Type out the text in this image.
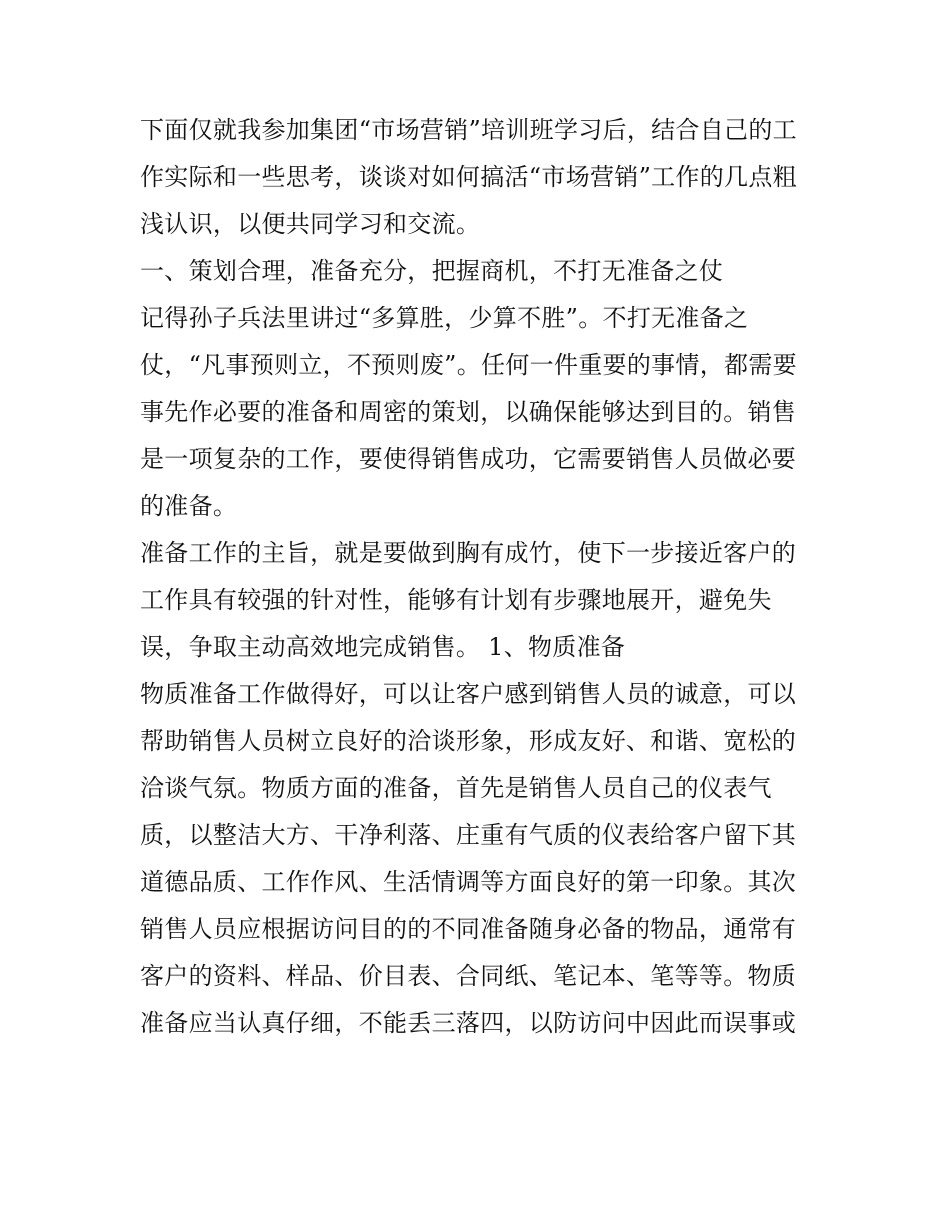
下面仅就我参加集团“市场营销”培训班学习后，结合自己的工
作实际和一些思考，谈谈对如何搞活“市场营销”工作的几点粗
浅认识，以便共同学习和交流。
一、策划合理，准备充分，把握商机，不打无准备之仗
记得孙子兵法里讲过“多算胜，少算不胜”。不打无准备之
仗，“凡事预则立，不预则废”。任何一件重要的事情，都需要
事先作必要的准备和周密的策划，以确保能够达到目的。销售
是一项复杂的工作，要使得销售成功，它需要销售人员做必要
的准备。
准备工作的主旨，就是要做到胸有成竹，使下一步接近客户的
工作具有较强的针对性，能够有计划有步骤地展开，避免失
误，争取主动高效地完成销售。 1、物质准备
物质准备工作做得好，可以让客户感到销售人员的诚意，可以
帮助销售人员树立良好的洽谈形象，形成友好、和谐、宽松的
洽谈气氛。物质方面的准备，首先是销售人员自己的仪表气
质，以整洁大方、干净利落、庄重有气质的仪表给客户留下其
道德品质、工作作风、生活情调等方面良好的第一印象。其次
销售人员应根据访问目的的不同准备随身必备的物品，通常有
客户的资料、样品、价目表、合同纸、笔记本、笔等等。物质
准备应当认真仔细，不能丢三落四，以防访问中因此而误事或
